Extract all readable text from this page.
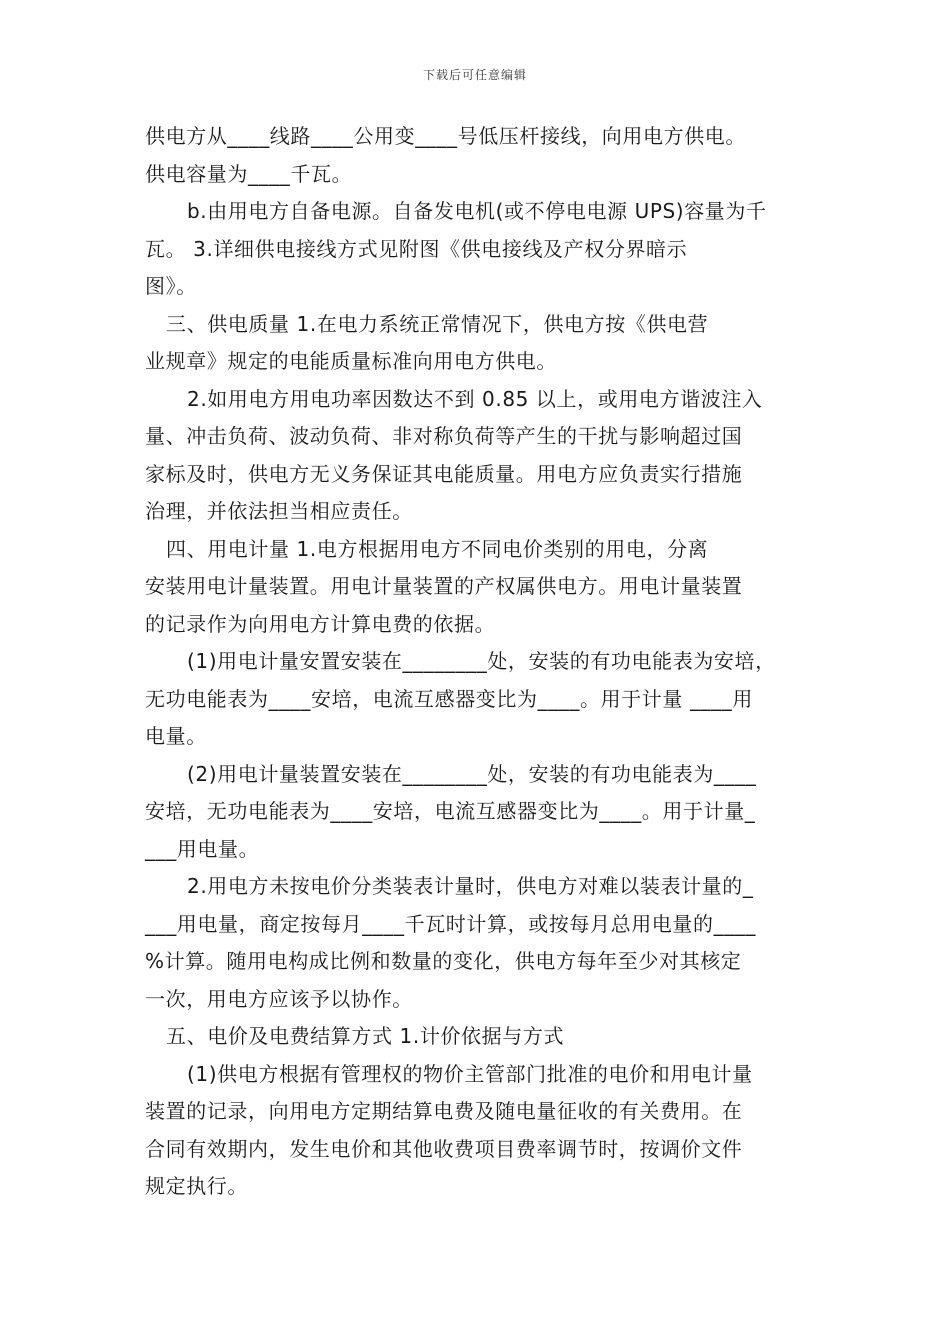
下载后可任意编辑
供电方从____线路____公用变____号低压杆接线，向用电方供电。
供电容量为____千瓦。
b.由用电方自备电源。自备发电机(或不停电电源 UPS)容量为千
瓦。 3.详细供电接线方式见附图《供电接线及产权分界暗示
图》。
三、供电质量 1.在电力系统正常情况下，供电方按《供电营
业规章》规定的电能质量标准向用电方供电。
2.如用电方用电功率因数达不到 0.85 以上，或用电方谐波注入
量、冲击负荷、波动负荷、非对称负荷等产生的干扰与影响超过国
家标及时，供电方无义务保证其电能质量。用电方应负责实行措施
治理，并依法担当相应责任。
四、用电计量 1.电方根据用电方不同电价类别的用电，分离
安装用电计量装置。用电计量装置的产权属供电方。用电计量装置
的记录作为向用电方计算电费的依据。
(1)用电计量安置安装在________处，安装的有功电能表为安培，
无功电能表为____安培，电流互感器变比为____。用于计量 ____用
电量。
(2)用电计量装置安装在________处，安装的有功电能表为____
安培，无功电能表为____安培，电流互感器变比为____。用于计量_
___用电量。
2.用电方未按电价分类装表计量时，供电方对难以装表计量的_
___用电量，商定按每月____千瓦时计算，或按每月总用电量的____
%计算。随用电构成比例和数量的变化，供电方每年至少对其核定
一次，用电方应该予以协作。
五、电价及电费结算方式 1.计价依据与方式
(1)供电方根据有管理权的物价主管部门批准的电价和用电计量
装置的记录，向用电方定期结算电费及随电量征收的有关费用。在
合同有效期内，发生电价和其他收费项目费率调节时，按调价文件
规定执行。
